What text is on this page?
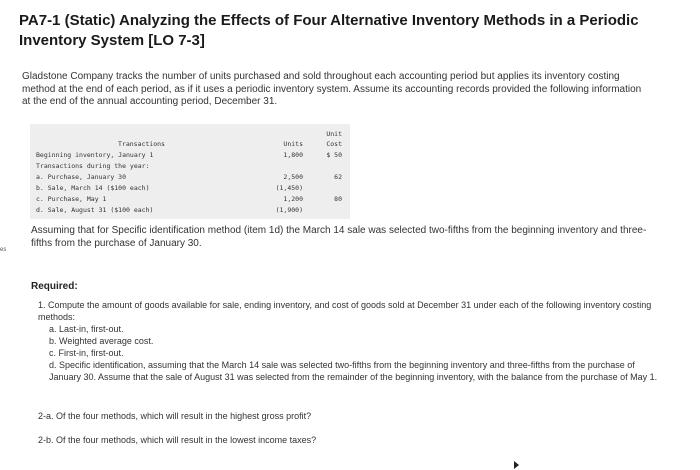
PA7-1 (Static) Analyzing the Effects of Four Alternative Inventory Methods in a Periodic Inventory System [LO 7-3]
Gladstone Company tracks the number of units purchased and sold throughout each accounting period but applies its inventory costing method at the end of each period, as if it uses a periodic inventory system. Assume its accounting records provided the following information at the end of the annual accounting period, December 31.
Unit
Transactions	Units	Cost
Beginning inventory, January 1	1,800	$ 50
Transactions during the year:
a. Purchase, January 30	2,500	62
b. Sale, March 14 ($100 each)	(1,450)
c. Purchase, May 1	1,200	80
d. Sale, August 31 ($100 each)	(1,900)
Assuming that for Specific identification method (item 1d) the March 14 sale was selected two-fifths from the beginning inventory and three-fifths from the purchase of January 30.
es
Required:
1. Compute the amount of goods available for sale, ending inventory, and cost of goods sold at December 31 under each of the following inventory costing methods:
a. Last-in, first-out.
b. Weighted average cost.
c. First-in, first-out.
d. Specific identification, assuming that the March 14 sale was selected two-fifths from the beginning inventory and three-fifths from the purchase of January 30. Assume that the sale of August 31 was selected from the remainder of the beginning inventory, with the balance from the purchase of May 1.
2-a. Of the four methods, which will result in the highest gross profit?
2-b. Of the four methods, which will result in the lowest income taxes?
